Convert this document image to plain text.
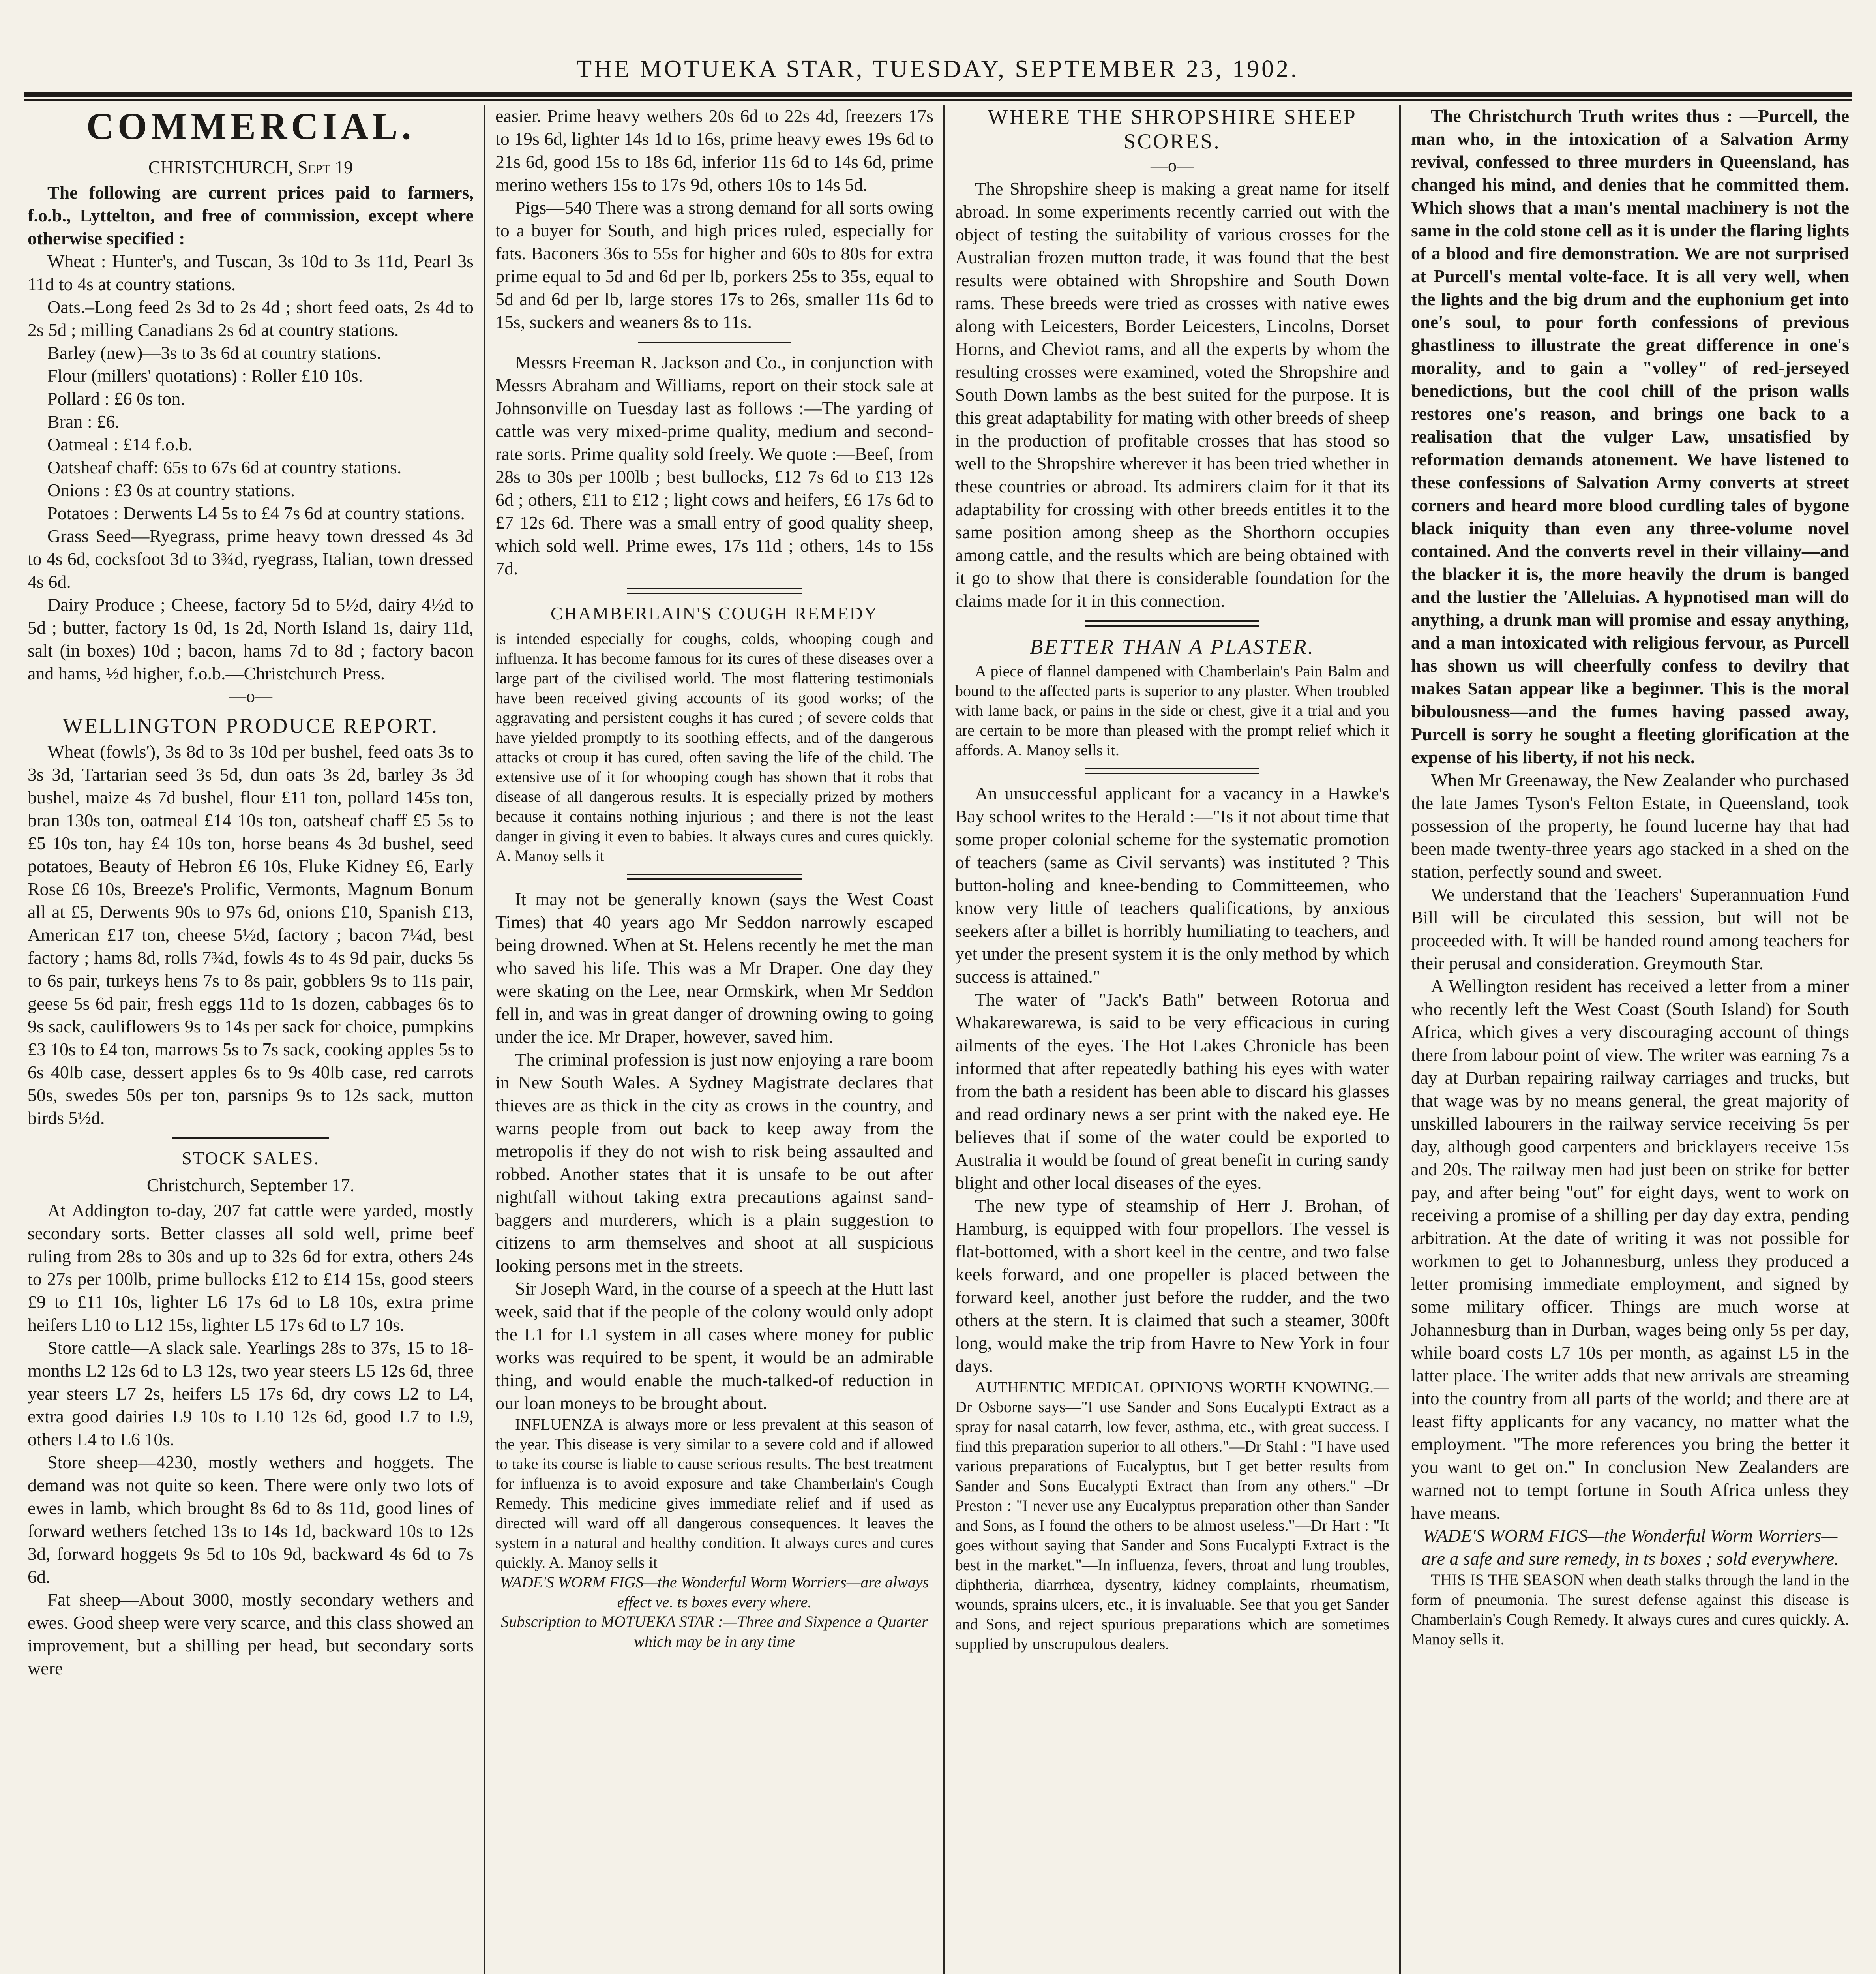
THE MOTUEKA STAR, TUESDAY, SEPTEMBER 23, 1902.
COMMERCIAL.
CHRISTCHURCH, Sept 19

The following are current prices paid to farmers, f.o.b., Lyttelton, and free of commission, except where otherwise specified :

Wheat : Hunter's, and Tuscan, 3s 10d to 3s 11d, Pearl 3s 11d to 4s at country stations.

Oats.–Long feed 2s 3d to 2s 4d ; short feed oats, 2s 4d to 2s 5d ; milling Canadians 2s 6d at country stations.

Barley (new)—3s to 3s 6d at country stations.

Flour (millers' quotations) : Roller £10 10s.

Pollard : £6 0s ton.

Bran : £6.

Oatmeal : £14 f.o.b.

Oatsheaf chaff: 65s to 67s 6d at country stations.

Onions : £3 0s at country stations.

Potatoes : Derwents L4 5s to £4 7s 6d at country stations.

Grass Seed—Ryegrass, prime heavy town dressed 4s 3d to 4s 6d, cocksfoot 3d to 3¾d, ryegrass, Italian, town dressed 4s 6d.

Dairy Produce ; Cheese, factory 5d to 5½d, dairy 4½d to 5d ; butter, factory 1s 0d, 1s 2d, North Island 1s, dairy 11d, salt (in boxes) 10d ; bacon, hams 7d to 8d ; factory bacon and hams, ½d higher, f.o.b.—Christchurch Press.

—o—
WELLINGTON PRODUCE REPORT.

Wheat (fowls'), 3s 8d to 3s 10d per bushel, feed oats 3s to 3s 3d, Tartarian seed 3s 5d, dun oats 3s 2d, barley 3s 3d bushel, maize 4s 7d bushel, flour £11 ton, pollard 145s ton, bran 130s ton, oatmeal £14 10s ton, oatsheaf chaff £5 5s to £5 10s ton, hay £4 10s ton, horse beans 4s 3d bushel, seed potatoes, Beauty of Hebron £6 10s, Fluke Kidney £6, Early Rose £6 10s, Breeze's Prolific, Vermonts, Magnum Bonum all at £5, Derwents 90s to 97s 6d, onions £10, Spanish £13, American £17 ton, cheese 5½d, factory ; bacon 7¼d, best factory ; hams 8d, rolls 7¾d, fowls 4s to 4s 9d pair, ducks 5s to 6s pair, turkeys hens 7s to 8s pair, gobblers 9s to 11s pair, geese 5s 6d pair, fresh eggs 11d to 1s dozen, cabbages 6s to 9s sack, cauliflowers 9s to 14s per sack for choice, pumpkins £3 10s to £4 ton, marrows 5s to 7s sack, cooking apples 5s to 6s 40lb case, dessert apples 6s to 9s 40lb case, red carrots 50s, swedes 50s per ton, parsnips 9s to 12s sack, mutton birds 5½d.

STOCK SALES.
Christchurch, September 17.

At Addington to-day, 207 fat cattle were yarded, mostly secondary sorts. Better classes all sold well, prime beef ruling from 28s to 30s and up to 32s 6d for extra, others 24s to 27s per 100lb, prime bullocks £12 to £14 15s, good steers £9 to £11 10s, lighter L6 17s 6d to L8 10s, extra prime heifers L10 to L12 15s, lighter L5 17s 6d to L7 10s.

Store cattle—A slack sale. Yearlings 28s to 37s, 15 to 18-months L2 12s 6d to L3 12s, two year steers L5 12s 6d, three year steers L7 2s, heifers L5 17s 6d, dry cows L2 to L4, extra good dairies L9 10s to L10 12s 6d, good L7 to L9, others L4 to L6 10s.

Store sheep—4230, mostly wethers and hoggets. The demand was not quite so keen. There were only two lots of ewes in lamb, which brought 8s 6d to 8s 11d, good lines of forward wethers fetched 13s to 14s 1d, backward 10s to 12s 3d, forward hoggets 9s 5d to 10s 9d, backward 4s 6d to 7s 6d.

Fat sheep—About 3000, mostly secondary wethers and ewes. Good sheep were very scarce, and this class showed an improvement, but a shilling per head, but secondary sorts were

easier. Prime heavy wethers 20s 6d to 22s 4d, freezers 17s to 19s 6d, lighter 14s 1d to 16s, prime heavy ewes 19s 6d to 21s 6d, good 15s to 18s 6d, inferior 11s 6d to 14s 6d, prime merino wethers 15s to 17s 9d, others 10s to 14s 5d.

Pigs—540 There was a strong demand for all sorts owing to a buyer for South, and high prices ruled, especially for fats. Baconers 36s to 55s for higher and 60s to 80s for extra prime equal to 5d and 6d per lb, porkers 25s to 35s, equal to 5d and 6d per lb, large stores 17s to 26s, smaller 11s 6d to 15s, suckers and weaners 8s to 11s.

Messrs Freeman R. Jackson and Co., in conjunction with Messrs Abraham and Williams, report on their stock sale at Johnsonville on Tuesday last as follows :—The yarding of cattle was very mixed-prime quality, medium and second-rate sorts. Prime quality sold freely. We quote :—Beef, from 28s to 30s per 100lb ; best bullocks, £12 7s 6d to £13 12s 6d ; others, £11 to £12 ; light cows and heifers, £6 17s 6d to £7 12s 6d. There was a small entry of good quality sheep, which sold well. Prime ewes, 17s 11d ; others, 14s to 15s 7d.

CHAMBERLAIN'S COUGH REMEDY

is intended especially for coughs, colds, whooping cough and influenza. It has become famous for its cures of these diseases over a large part of the civilised world. The most flattering testimonials have been received giving accounts of its good works; of the aggravating and persistent coughs it has cured ; of severe colds that have yielded promptly to its soothing effects, and of the dangerous attacks ot croup it has cured, often saving the life of the child. The extensive use of it for whooping cough has shown that it robs that disease of all dangerous results. It is especially prized by mothers because it contains nothing injurious ; and there is not the least danger in giving it even to babies. It always cures and cures quickly. A. Manoy sells it

It may not be generally known (says the West Coast Times) that 40 years ago Mr Seddon narrowly escaped being drowned. When at St. Helens recently he met the man who saved his life. This was a Mr Draper. One day they were skating on the Lee, near Ormskirk, when Mr Seddon fell in, and was in great danger of drowning owing to going under the ice. Mr Draper, however, saved him.

The criminal profession is just now enjoying a rare boom in New South Wales. A Sydney Magistrate declares that thieves are as thick in the city as crows in the country, and warns people from out back to keep away from the metropolis if they do not wish to risk being assaulted and robbed. Another states that it is unsafe to be out after nightfall without taking extra precautions against sand-baggers and murderers, which is a plain suggestion to citizens to arm themselves and shoot at all suspicious looking persons met in the streets.

Sir Joseph Ward, in the course of a speech at the Hutt last week, said that if the people of the colony would only adopt the L1 for L1 system in all cases where money for public works was required to be spent, it would be an admirable thing, and would enable the much-talked-of reduction in our loan moneys to be brought about.

INFLUENZA is always more or less prevalent at this season of the year. This disease is very similar to a severe cold and if allowed to take its course is liable to cause serious results. The best treatment for influenza is to avoid exposure and take Chamberlain's Cough Remedy. This medicine gives immediate relief and if used as directed will ward off all dangerous consequences. It leaves the system in a natural and healthy condition. It always cures and cures quickly. A. Manoy sells it

WADE'S WORM FIGS—the Wonderful Worm Worriers—are always effect ve. ts boxes every where.

Subscription to MOTUEKA STAR :—Three and Sixpence a Quarter which may be in any time

WHERE THE SHROPSHIRE SHEEP SCORES.
—o—

The Shropshire sheep is making a great name for itself abroad. In some experiments recently carried out with the object of testing the suitability of various crosses for the Australian frozen mutton trade, it was found that the best results were obtained with Shropshire and South Down rams. These breeds were tried as crosses with native ewes along with Leicesters, Border Leicesters, Lincolns, Dorset Horns, and Cheviot rams, and all the experts by whom the resulting crosses were examined, voted the Shropshire and South Down lambs as the best suited for the purpose. It is this great adaptability for mating with other breeds of sheep in the production of profitable crosses that has stood so well to the Shropshire wherever it has been tried whether in these countries or abroad. Its admirers claim for it that its adaptability for crossing with other breeds entitles it to the same position among sheep as the Shorthorn occupies among cattle, and the results which are being obtained with it go to show that there is considerable foundation for the claims made for it in this connection.

BETTER THAN A PLASTER.

A piece of flannel dampened with Chamberlain's Pain Balm and bound to the affected parts is superior to any plaster. When troubled with lame back, or pains in the side or chest, give it a trial and you are certain to be more than pleased with the prompt relief which it affords. A. Manoy sells it.

An unsuccessful applicant for a vacancy in a Hawke's Bay school writes to the Herald :—"Is it not about time that some proper colonial scheme for the systematic promotion of teachers (same as Civil servants) was instituted ? This button-holing and knee-bending to Committeemen, who know very little of teachers qualifications, by anxious seekers after a billet is horribly humiliating to teachers, and yet under the present system it is the only method by which success is attained."

The water of "Jack's Bath" between Rotorua and Whakarewarewa, is said to be very efficacious in curing ailments of the eyes. The Hot Lakes Chronicle has been informed that after repeatedly bathing his eyes with water from the bath a resident has been able to discard his glasses and read ordinary news a ser print with the naked eye. He believes that if some of the water could be exported to Australia it would be found of great benefit in curing sandy blight and other local diseases of the eyes.

The new type of steamship of Herr J. Brohan, of Hamburg, is equipped with four propellors. The vessel is flat-bottomed, with a short keel in the centre, and two false keels forward, and one propeller is placed between the forward keel, another just before the rudder, and the two others at the stern. It is claimed that such a steamer, 300ft long, would make the trip from Havre to New York in four days.

AUTHENTIC MEDICAL OPINIONS WORTH KNOWING.—Dr Osborne says—"I use Sander and Sons Eucalypti Extract as a spray for nasal catarrh, low fever, asthma, etc., with great success. I find this preparation superior to all others."—Dr Stahl : "I have used various preparations of Eucalyptus, but I get better results from Sander and Sons Eucalypti Extract than from any others." –Dr Preston : "I never use any Eucalyptus preparation other than Sander and Sons, as I found the others to be almost useless."—Dr Hart : "It goes without saying that Sander and Sons Eucalypti Extract is the best in the market."—In influenza, fevers, throat and lung troubles, diphtheria, diarrhœa, dysentry, kidney complaints, rheumatism, wounds, sprains ulcers, etc., it is invaluable. See that you get Sander and Sons, and reject spurious preparations which are sometimes supplied by unscrupulous dealers.

The Christchurch Truth writes thus : —Purcell, the man who, in the intoxication of a Salvation Army revival, confessed to three murders in Queensland, has changed his mind, and denies that he committed them. Which shows that a man's mental machinery is not the same in the cold stone cell as it is under the flaring lights of a blood and fire demonstration. We are not surprised at Purcell's mental volte-face. It is all very well, when the lights and the big drum and the euphonium get into one's soul, to pour forth confessions of previous ghastliness to illustrate the great difference in one's morality, and to gain a "volley" of red-jerseyed benedictions, but the cool chill of the prison walls restores one's reason, and brings one back to a realisation that the vulger Law, unsatisfied by reformation demands atonement. We have listened to these confessions of Salvation Army converts at street corners and heard more blood curdling tales of bygone black iniquity than even any three-volume novel contained. And the converts revel in their villainy—and the blacker it is, the more heavily the drum is banged and the lustier the 'Alleluias. A hypnotised man will do anything, a drunk man will promise and essay anything, and a man intoxicated with religious fervour, as Purcell has shown us will cheerfully confess to devilry that makes Satan appear like a beginner. This is the moral bibulousness—and the fumes having passed away, Purcell is sorry he sought a fleeting glorification at the expense of his liberty, if not his neck.

When Mr Greenaway, the New Zealander who purchased the late James Tyson's Felton Estate, in Queensland, took possession of the property, he found lucerne hay that had been made twenty-three years ago stacked in a shed on the station, perfectly sound and sweet.

We understand that the Teachers' Superannuation Fund Bill will be circulated this session, but will not be proceeded with. It will be handed round among teachers for their perusal and consideration. Greymouth Star.

A Wellington resident has received a letter from a miner who recently left the West Coast (South Island) for South Africa, which gives a very discouraging account of things there from labour point of view. The writer was earning 7s a day at Durban repairing railway carriages and trucks, but that wage was by no means general, the great majority of unskilled labourers in the railway service receiving 5s per day, although good carpenters and bricklayers receive 15s and 20s. The railway men had just been on strike for better pay, and after being "out" for eight days, went to work on receiving a promise of a shilling per day day extra, pending arbitration. At the date of writing it was not possible for workmen to get to Johannesburg, unless they produced a letter promising immediate employment, and signed by some military officer. Things are much worse at Johannesburg than in Durban, wages being only 5s per day, while board costs L7 10s per month, as against L5 in the latter place. The writer adds that new arrivals are streaming into the country from all parts of the world; and there are at least fifty applicants for any vacancy, no matter what the employment. "The more references you bring the better it you want to get on." In conclusion New Zealanders are warned not to tempt fortune in South Africa unless they have means.

WADE'S WORM FIGS—the Wonderful Worm Worriers—are a safe and sure remedy, in ts boxes ; sold everywhere.

THIS IS THE SEASON when death stalks through the land in the form of pneumonia. The surest defense against this disease is Chamberlain's Cough Remedy. It always cures and cures quickly. A. Manoy sells it.
